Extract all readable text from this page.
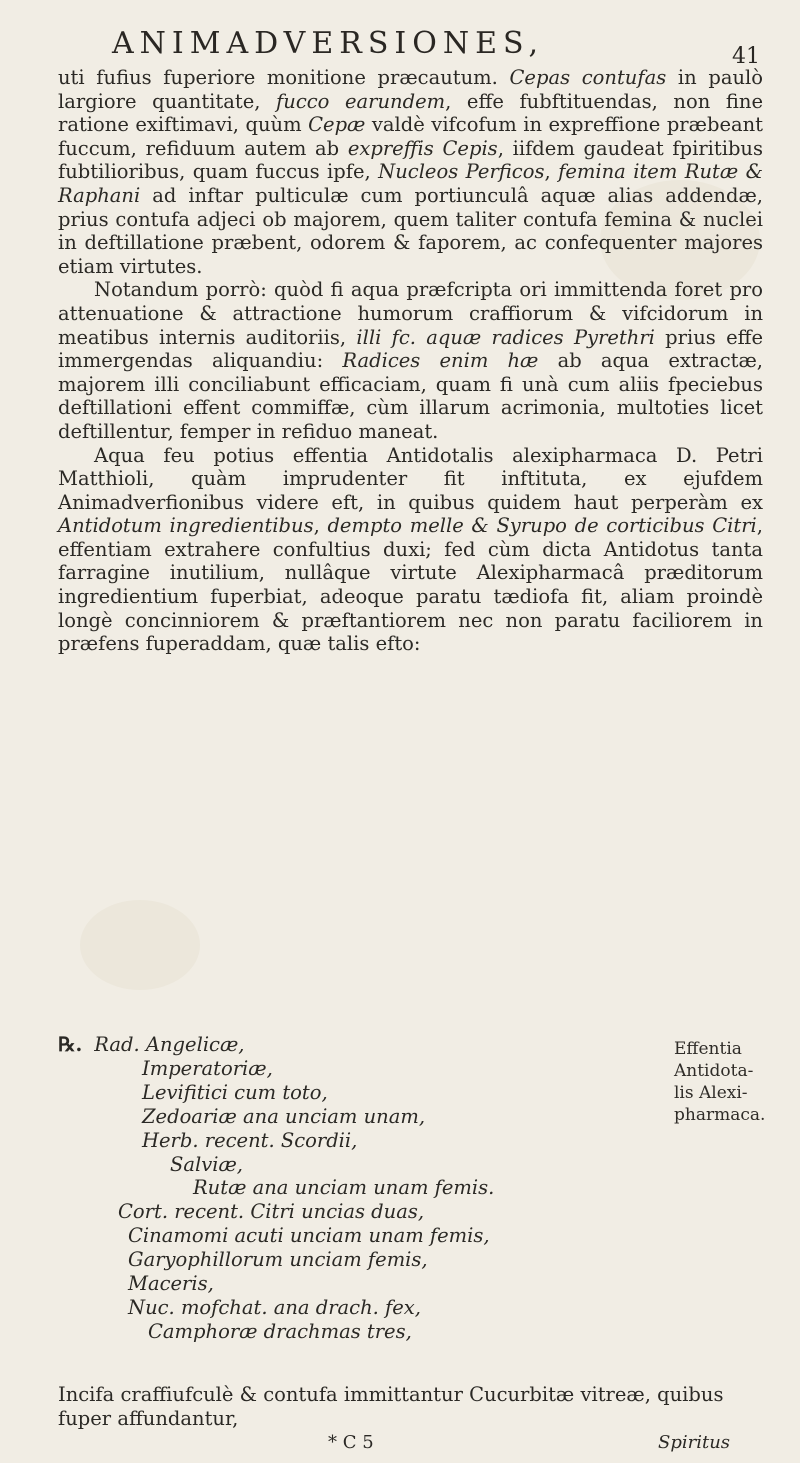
ANIMADVERSIONES,	41

uti fufius fuperiore monitione præcautum. Cepas contufas in paulò largiore quantitate, fucco earundem, effe fubftituendas, non fine ratione exiftimavi, quùm Cepæ valdè vifcofum in expreffione præbeant fuccum, refiduum autem ab expreffis Cepis, iifdem gaudeat fpiritibus fubtilioribus, quam fuccus ipfe, Nucleos Perficos, femina item Rutæ & Raphani ad inftar pulticulæ cum portiunculâ aquæ alias addendæ, prius contufa adjeci ob majorem, quem taliter contufa femina & nuclei in deftillatione præbent, odorem & faporem, ac confequenter majores etiam virtutes.

Notandum porrò: quòd fi aqua præfcripta ori immittenda foret pro attenuatione & attractione humorum craffiorum & vifcidorum in meatibus internis auditoriis, illi fc. aquæ radices Pyrethri prius effe immergendas aliquandiu: Radices enim hæ ab aqua extractæ, majorem illi conciliabunt efficaciam, quam fi unà cum aliis fpeciebus deftillationi effent commiffæ, cùm illarum acrimonia, multoties licet deftillentur, femper in refiduo maneat.

Aqua feu potius effentia Antidotalis alexipharmaca D. Petri Matthioli, quàm imprudenter fit inftituta, ex ejufdem Animadverfionibus videre eft, in quibus quidem haut perperàm ex Antidotum ingredientibus, dempto melle & Syrupo de corticibus Citri, effentiam extrahere confultius duxi; fed cùm dicta Antidotus tanta farragine inutilium, nullâque virtute Alexipharmacâ præditorum ingredientium fuperbiat, adeoque paratu tædiofa fit, aliam proindè longè concinniorem & præftantiorem nec non paratu faciliorem in præfens fuperaddam, quæ talis efto:

℞. Rad. Angelicæ,
Imperatoriæ,
Levifitici cum toto,
Zedoariæ ana unciam unam,
Herb. recent. Scordii,
Salviæ,
Rutæ ana unciam unam femis.
Cort. recent. Citri uncias duas,
Cinamomi acuti unciam unam femis,
Garyophillorum unciam femis,
Maceris,
Nuc. mofchat. ana drach. fex,
Camphoræ drachmas tres,
Effentia
Antidota-
lis Alexi-
pharmaca.

Incifa craffiufculè & contufa immittantur Cucurbitæ vitreæ, quibus fuper affundantur,

* C 5	Spiritus
